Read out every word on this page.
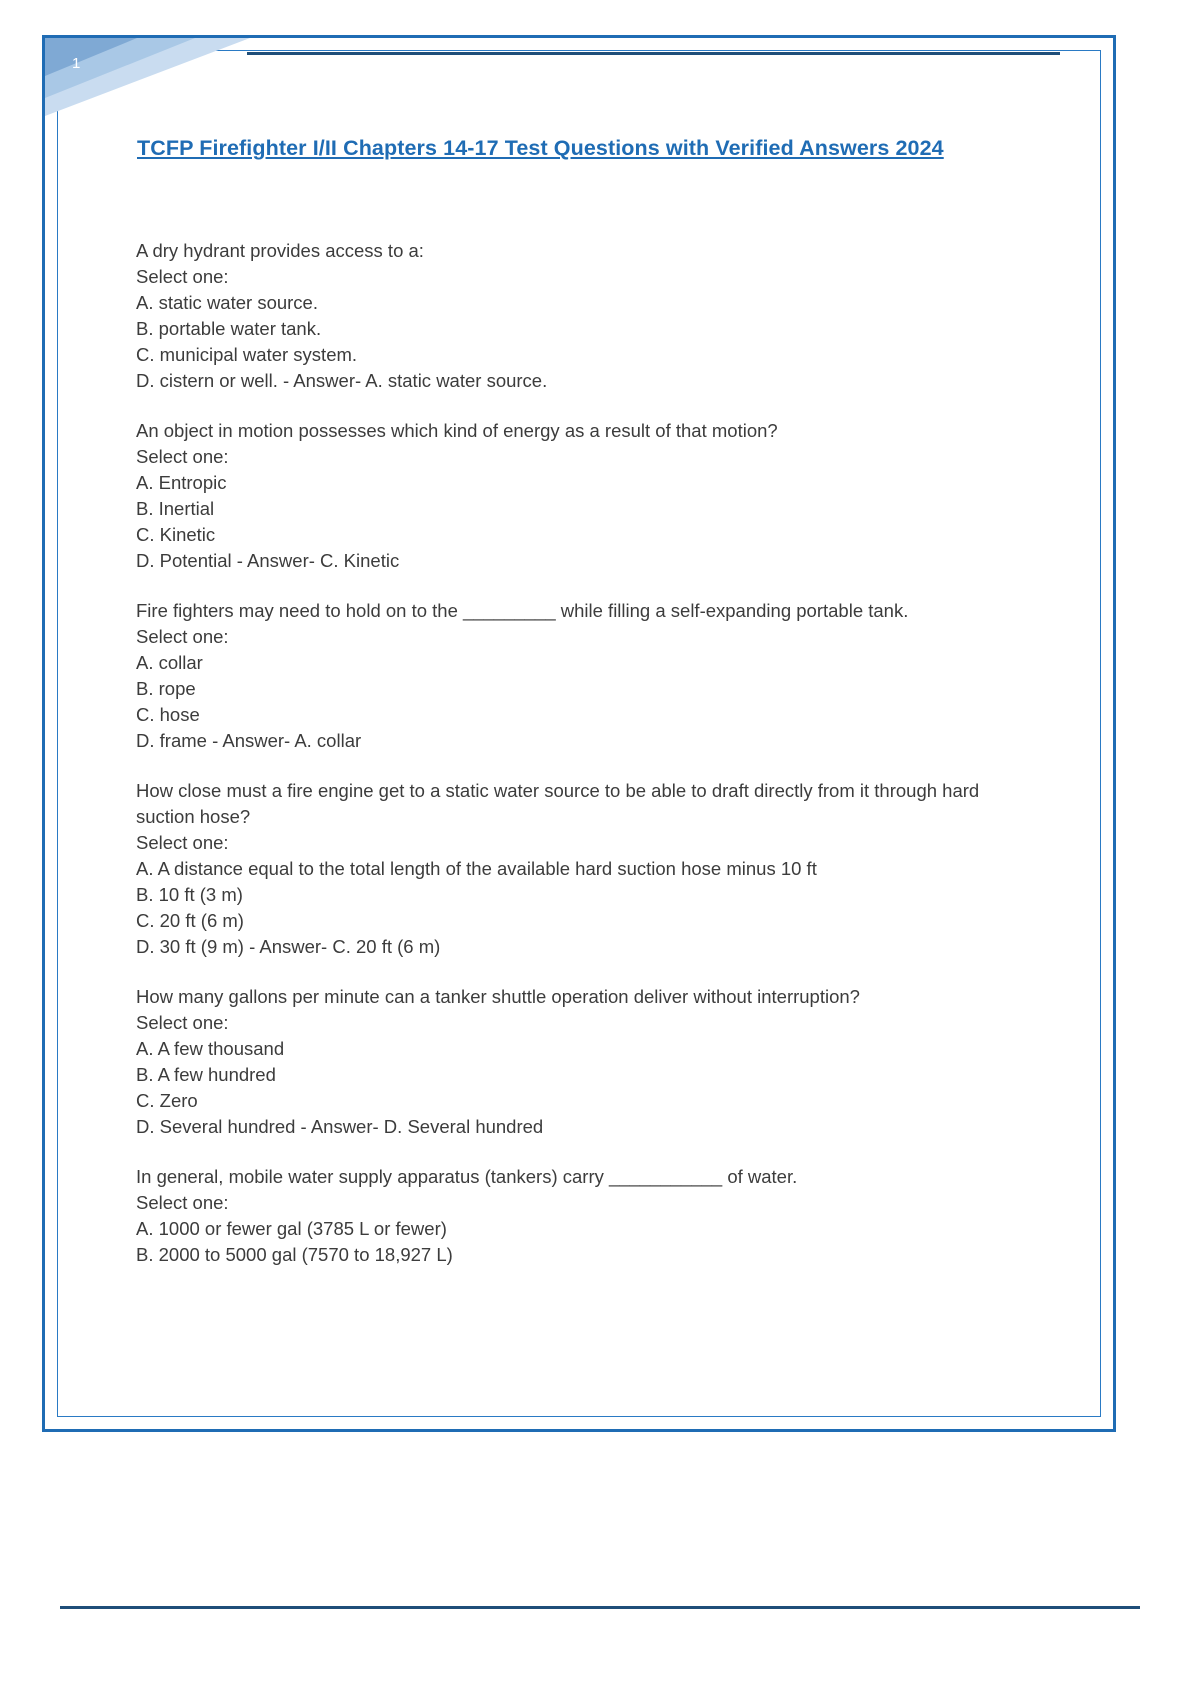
1
TCFP Firefighter I/II Chapters 14-17 Test Questions with Verified Answers 2024
A dry hydrant provides access to a:
Select one:
A. static water source.
B. portable water tank.
C. municipal water system.
D. cistern or well. - Answer- A. static water source.
An object in motion possesses which kind of energy as a result of that motion?
Select one:
A. Entropic
B. Inertial
C. Kinetic
D. Potential - Answer- C. Kinetic
Fire fighters may need to hold on to the _________ while filling a self-expanding portable tank.
Select one:
A. collar
B. rope
C. hose
D. frame - Answer- A. collar
How close must a fire engine get to a static water source to be able to draft directly from it through hard suction hose?
Select one:
A. A distance equal to the total length of the available hard suction hose minus 10 ft
B. 10 ft (3 m)
C. 20 ft (6 m)
D. 30 ft (9 m) - Answer- C. 20 ft (6 m)
How many gallons per minute can a tanker shuttle operation deliver without interruption?
Select one:
A. A few thousand
B. A few hundred
C. Zero
D. Several hundred - Answer- D. Several hundred
In general, mobile water supply apparatus (tankers) carry ___________ of water.
Select one:
A. 1000 or fewer gal (3785 L or fewer)
B. 2000 to 5000 gal (7570 to 18,927 L)
